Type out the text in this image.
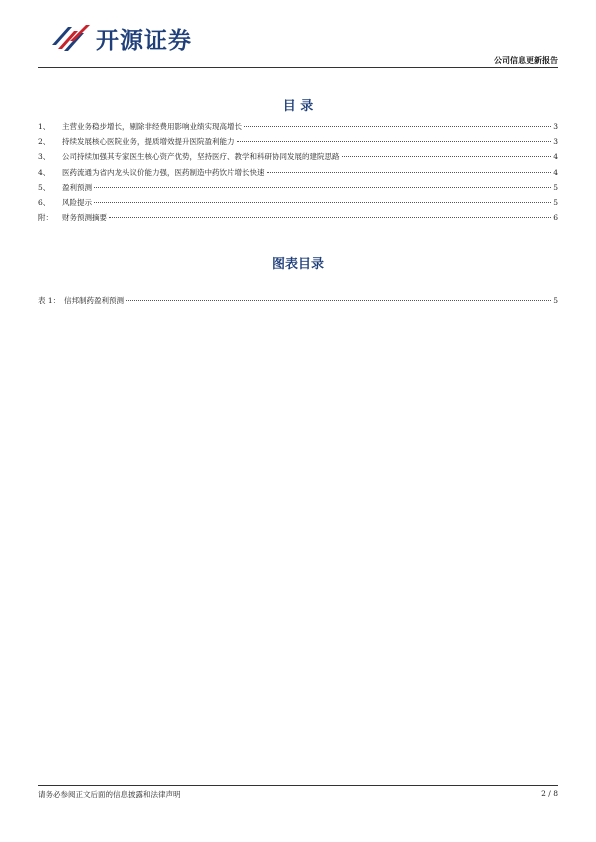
开源证券
公司信息更新报告
目 录
1、	主营业务稳步增长，剔除非经费用影响业绩实现高增长	3
2、	持续发展核心医院业务，提质增效提升医院盈利能力	3
3、	公司持续加强其专家医生核心资产优势，坚持医疗、教学和科研协同发展的建院思路	4
4、	医药流通为省内龙头议价能力强，医药制造中药饮片增长快速	4
5、	盈利预测	5
6、	风险提示	5
附：	财务预测摘要	6
图表目录
表 1： 信邦制药盈利预测	5
请务必参阅正文后面的信息披露和法律声明	2 / 8
